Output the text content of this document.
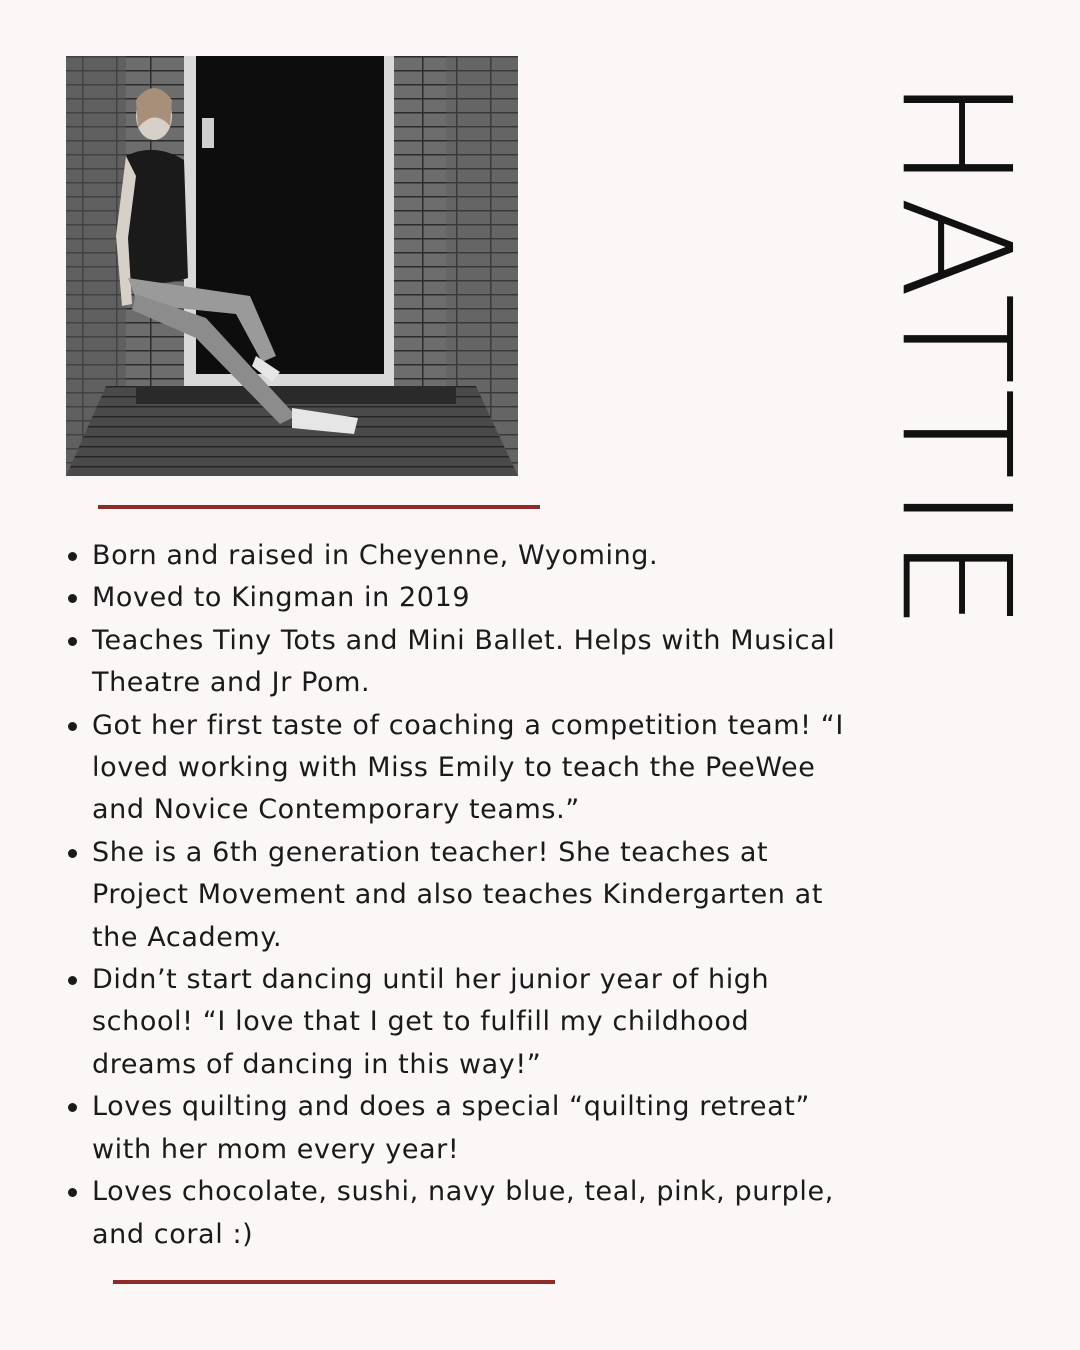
Born and raised in Cheyenne, Wyoming.
Moved to Kingman in 2019
Teaches Tiny Tots and Mini Ballet. Helps with Musical Theatre and Jr Pom.
Got her first taste of coaching a competition team! “I loved working with Miss Emily to teach the PeeWee and Novice Contemporary teams.”
She is a 6th generation teacher! She teaches at Project Movement and also teaches Kindergarten at the Academy.
Didn’t start dancing until her junior year of high school! “I love that I get to fulfill my childhood dreams of dancing in this way!”
Loves quilting and does a special “quilting retreat” with her mom every year!
Loves chocolate, sushi, navy blue, teal, pink, purple, and coral :)
HATTIE
